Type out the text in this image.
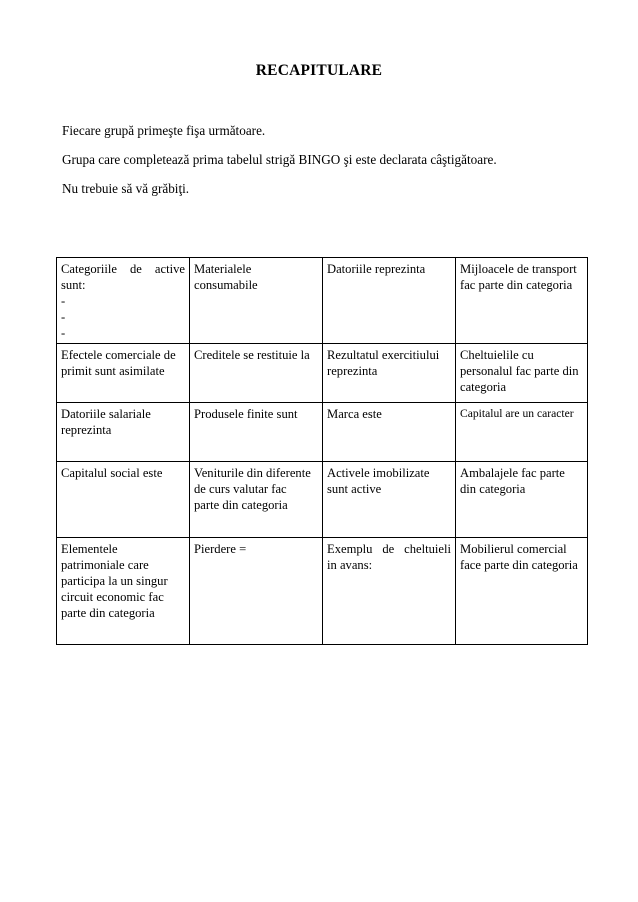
RECAPITULARE
Fiecare grupă primeşte fişa următoare.
Grupa care completează prima tabelul strigă BINGO şi este declarata câştigătoare.
Nu trebuie să vă grăbiţi.
Categoriile de active
sunt:
-
-
-	Materialele
consumabile	Datoriile reprezinta	Mijloacele de transport
fac parte din categoria

Efectele comerciale de
primit sunt asimilate	Creditele se restituie la	Rezultatul exercitiului
reprezinta	Cheltuielile cu
personalul fac parte din
categoria

Datoriile salariale
reprezinta	Produsele finite sunt	Marca este	Capitalul are un caracter

Capitalul social este	Veniturile din diferente
de curs valutar fac
parte din categoria	Activele imobilizate
sunt active	Ambalajele fac parte
din categoria

Elementele
patrimoniale care
participa la un singur
circuit economic fac
parte din categoria	Pierdere =	Exemplu de cheltuieli
in avans:	Mobilierul comercial
face parte din categoria
